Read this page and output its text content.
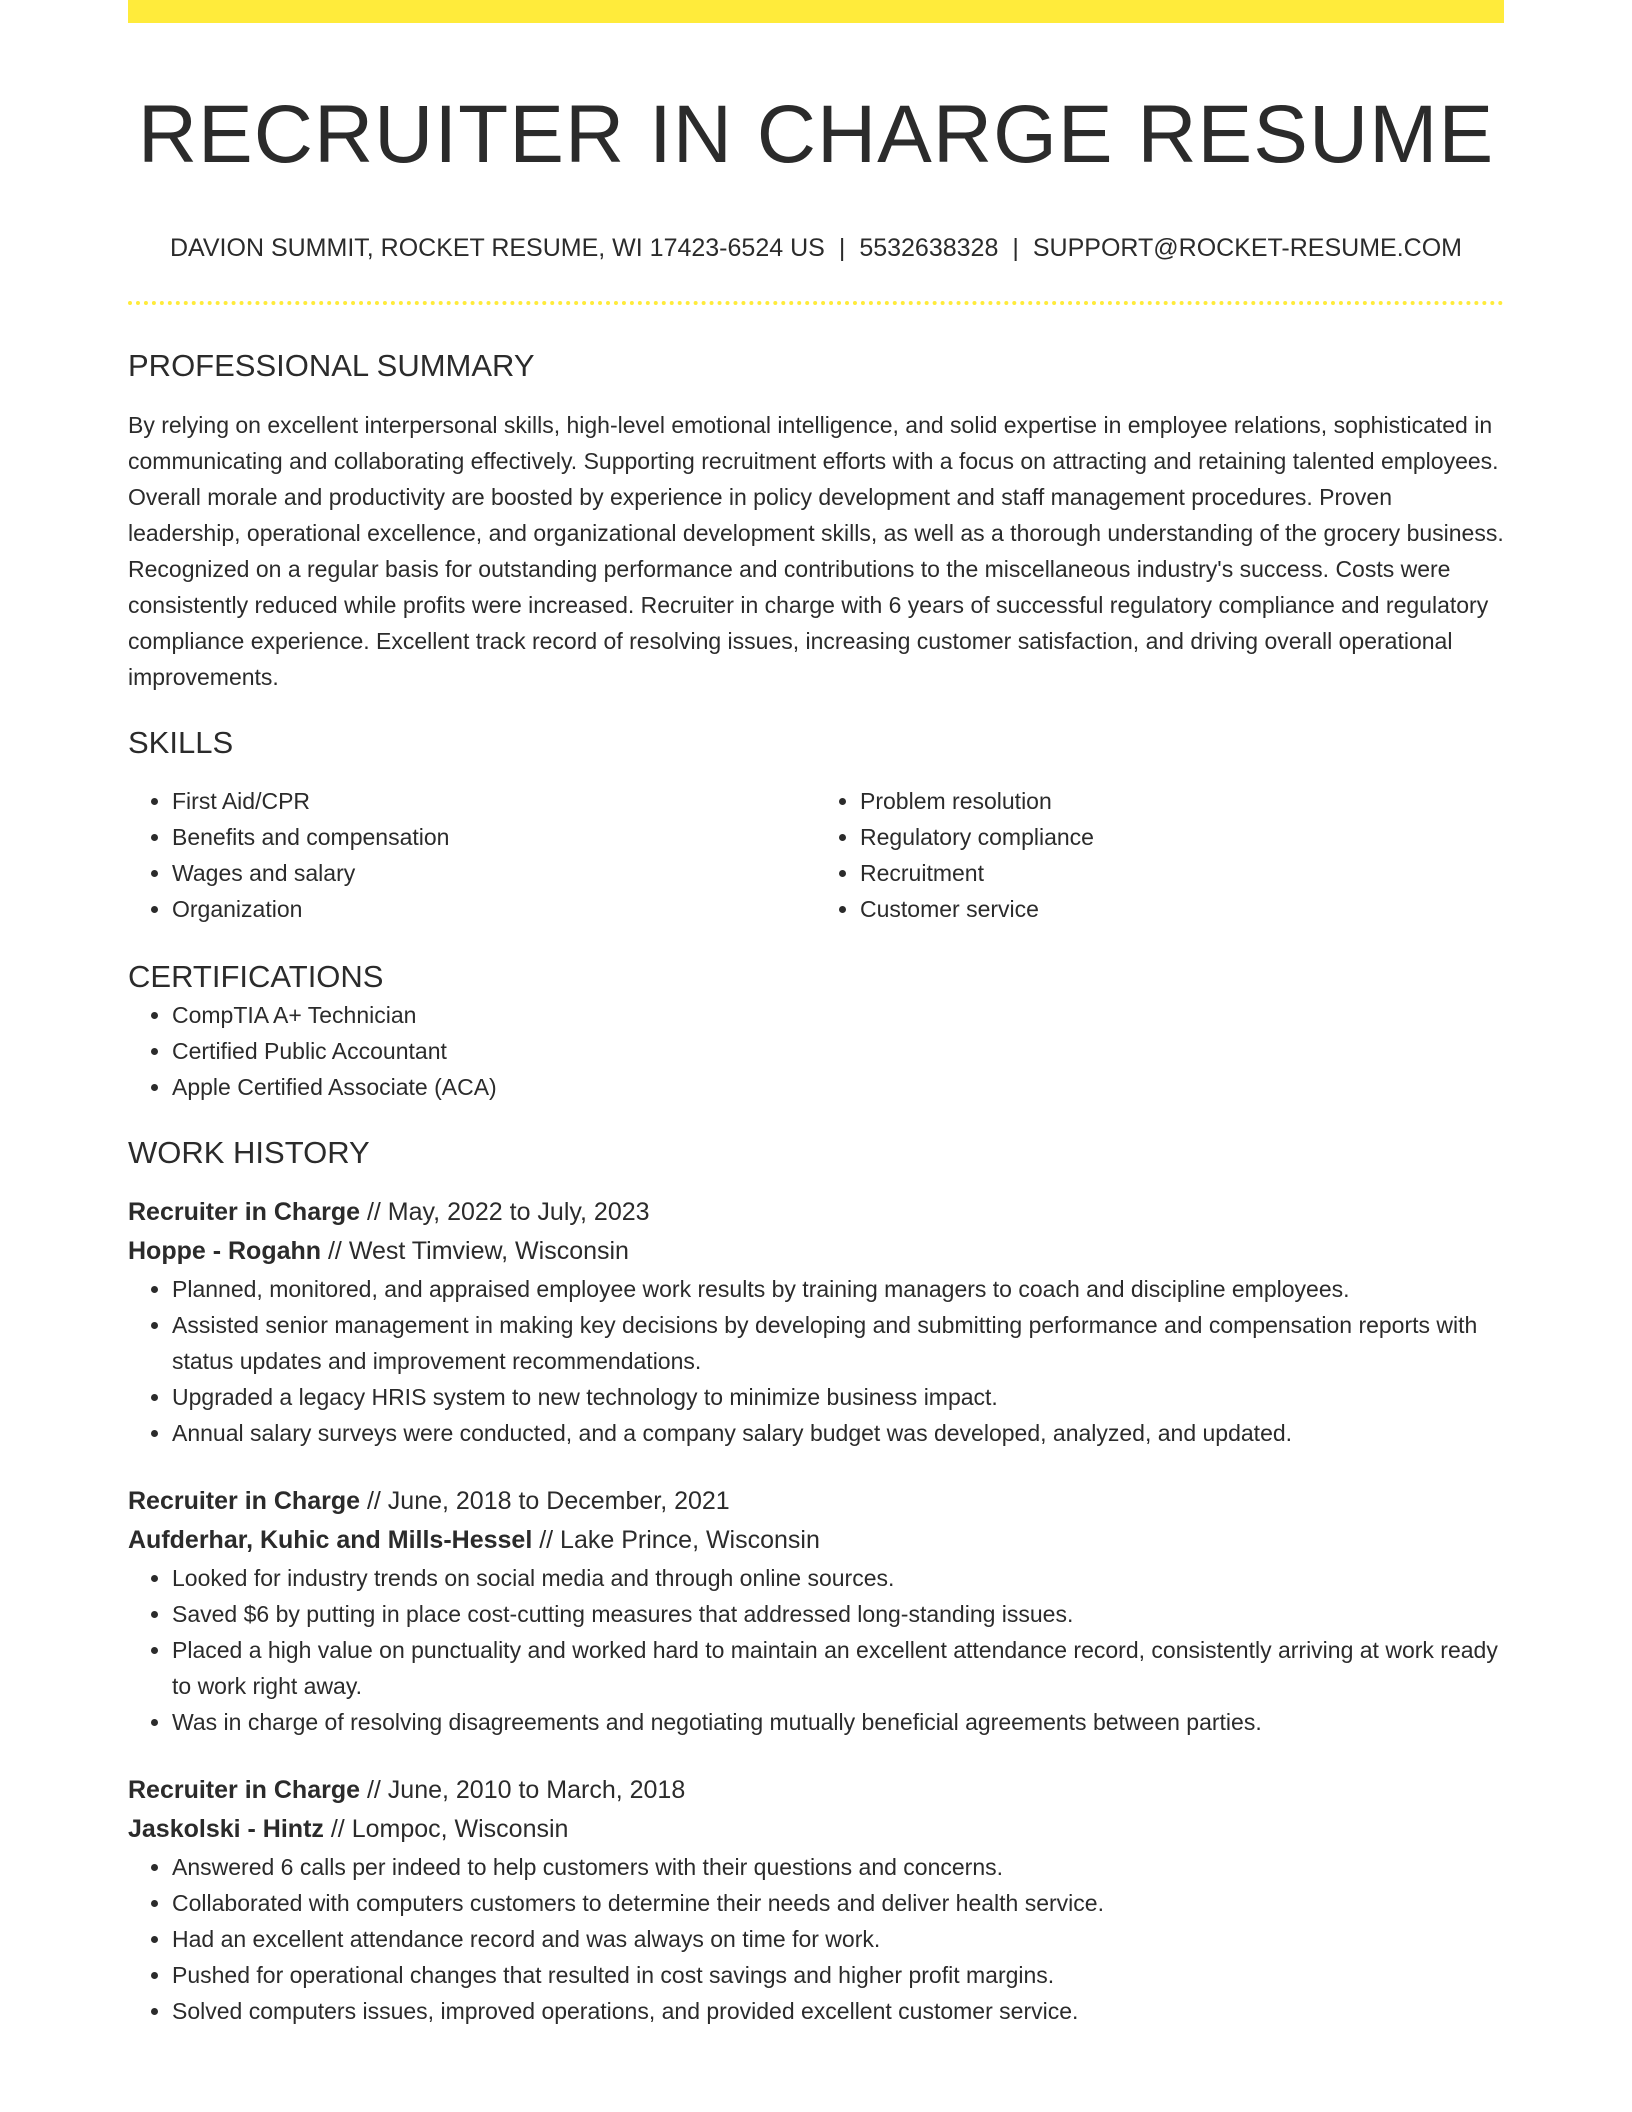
RECRUITER IN CHARGE RESUME
DAVION SUMMIT, ROCKET RESUME, WI 17423-6524 US | 5532638328 | SUPPORT@ROCKET-RESUME.COM
PROFESSIONAL SUMMARY
By relying on excellent interpersonal skills, high-level emotional intelligence, and solid expertise in employee relations, sophisticated in communicating and collaborating effectively. Supporting recruitment efforts with a focus on attracting and retaining talented employees. Overall morale and productivity are boosted by experience in policy development and staff management procedures. Proven leadership, operational excellence, and organizational development skills, as well as a thorough understanding of the grocery business. Recognized on a regular basis for outstanding performance and contributions to the miscellaneous industry's success. Costs were consistently reduced while profits were increased. Recruiter in charge with 6 years of successful regulatory compliance and regulatory compliance experience. Excellent track record of resolving issues, increasing customer satisfaction, and driving overall operational improvements.
SKILLS
• First Aid/CPR
• Benefits and compensation
• Wages and salary
• Organization
• Problem resolution
• Regulatory compliance
• Recruitment
• Customer service
CERTIFICATIONS
• CompTIA A+ Technician
• Certified Public Accountant
• Apple Certified Associate (ACA)
WORK HISTORY
Recruiter in Charge // May, 2022 to July, 2023
Hoppe - Rogahn // West Timview, Wisconsin
• Planned, monitored, and appraised employee work results by training managers to coach and discipline employees.
• Assisted senior management in making key decisions by developing and submitting performance and compensation reports with status updates and improvement recommendations.
• Upgraded a legacy HRIS system to new technology to minimize business impact.
• Annual salary surveys were conducted, and a company salary budget was developed, analyzed, and updated.
Recruiter in Charge // June, 2018 to December, 2021
Aufderhar, Kuhic and Mills-Hessel // Lake Prince, Wisconsin
• Looked for industry trends on social media and through online sources.
• Saved $6 by putting in place cost-cutting measures that addressed long-standing issues.
• Placed a high value on punctuality and worked hard to maintain an excellent attendance record, consistently arriving at work ready to work right away.
• Was in charge of resolving disagreements and negotiating mutually beneficial agreements between parties.
Recruiter in Charge // June, 2010 to March, 2018
Jaskolski - Hintz // Lompoc, Wisconsin
• Answered 6 calls per indeed to help customers with their questions and concerns.
• Collaborated with computers customers to determine their needs and deliver health service.
• Had an excellent attendance record and was always on time for work.
• Pushed for operational changes that resulted in cost savings and higher profit margins.
• Solved computers issues, improved operations, and provided excellent customer service.
